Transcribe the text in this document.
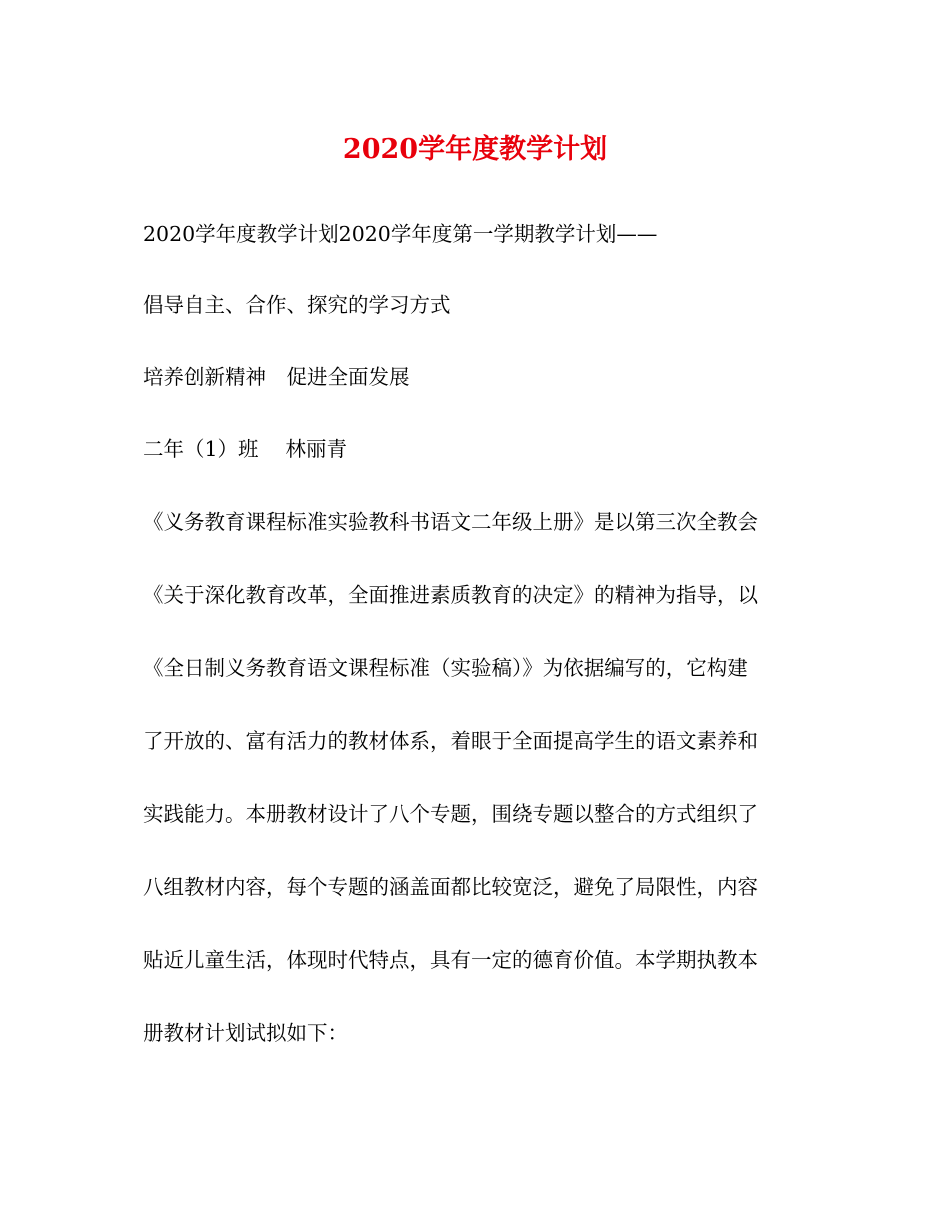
2020学年度教学计划
2020学年度教学计划2020学年度第一学期教学计划——
倡导自主、合作、探究的学习方式
培养创新精神　促进全面发展
二年（1）班　 林丽青
《义务教育课程标准实验教科书语文二年级上册》是以第三次全教会
《关于深化教育改革，全面推进素质教育的决定》的精神为指导，以
《全日制义务教育语文课程标准（实验稿）》为依据编写的，它构建
了开放的、富有活力的教材体系，着眼于全面提高学生的语文素养和
实践能力。本册教材设计了八个专题，围绕专题以整合的方式组织了
八组教材内容，每个专题的涵盖面都比较宽泛，避免了局限性，内容
贴近儿童生活，体现时代特点，具有一定的德育价值。本学期执教本
册教材计划试拟如下：
